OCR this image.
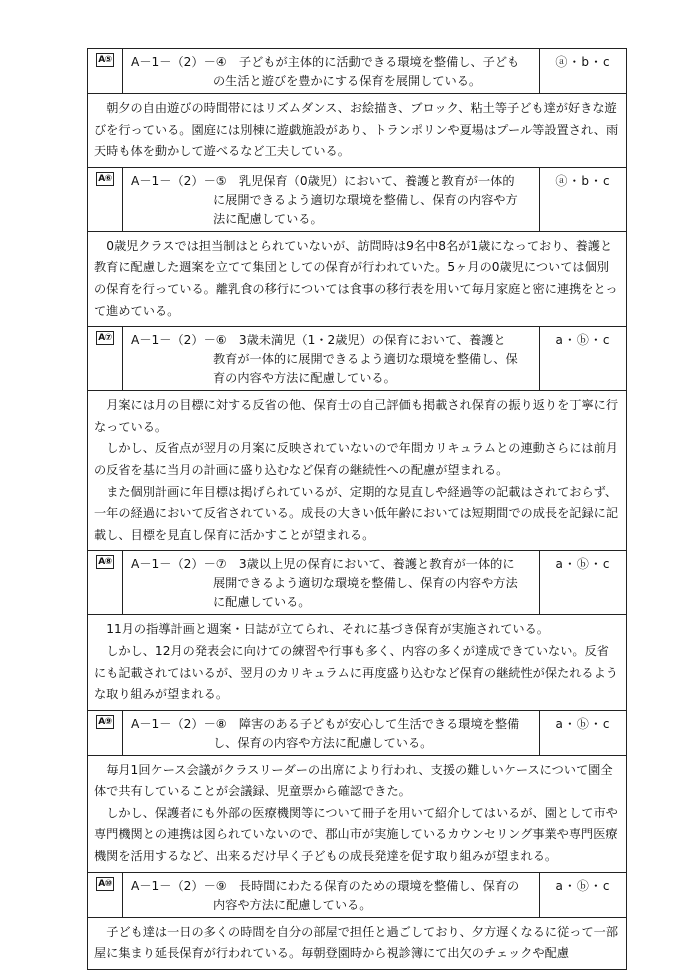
A⑤ A－1－（2）－④　子どもが主体的に活動できる環境を整備し、子ども
の生活と遊びを豊かにする保育を展開している。
ⓐ・b・c

朝夕の自由遊びの時間帯にはリズムダンス、お絵描き、ブロック、粘土等子ども達が好きな遊びを行っている。園庭には別棟に遊戯施設があり、トランポリンや夏場はプール等設置され、雨天時も体を動かして遊べるなど工夫している。

A⑥ A－1－（2）－⑤　乳児保育（0歳児）において、養護と教育が一体的
に展開できるよう適切な環境を整備し、保育の内容や方
法に配慮している。
ⓐ・b・c

0歳児クラスでは担当制はとられていないが、訪問時は9名中8名が1歳になっており、養護と教育に配慮した週案を立てて集団としての保育が行われていた。5ヶ月の0歳児については個別の保育を行っている。離乳食の移行については食事の移行表を用いて毎月家庭と密に連携をとって進めている。

A⑦ A－1－（2）－⑥　3歳未満児（1・2歳児）の保育において、養護と
教育が一体的に展開できるよう適切な環境を整備し、保
育の内容や方法に配慮している。
a・ⓑ・c

月案には月の目標に対する反省の他、保育士の自己評価も掲載され保育の振り返りを丁寧に行なっている。

しかし、反省点が翌月の月案に反映されていないので年間カリキュラムとの連動さらには前月の反省を基に当月の計画に盛り込むなど保育の継続性への配慮が望まれる。

また個別計画に年目標は掲げられているが、定期的な見直しや経過等の記載はされておらず、一年の経過において反省されている。成長の大きい低年齢においては短期間での成長を記録に記載し、目標を見直し保育に活かすことが望まれる。

A⑧ A－1－（2）－⑦　3歳以上児の保育において、養護と教育が一体的に
展開できるよう適切な環境を整備し、保育の内容や方法
に配慮している。
a・ⓑ・c

11月の指導計画と週案・日誌が立てられ、それに基づき保育が実施されている。

しかし、12月の発表会に向けての練習や行事も多く、内容の多くが達成できていない。反省にも記載されてはいるが、翌月のカリキュラムに再度盛り込むなど保育の継続性が保たれるような取り組みが望まれる。

A⑨ A－1－（2）－⑧　障害のある子どもが安心して生活できる環境を整備
し、保育の内容や方法に配慮している。
a・ⓑ・c

毎月1回ケース会議がクラスリーダーの出席により行われ、支援の難しいケースについて園全体で共有していることが会議録、児童票から確認できた。

しかし、保護者にも外部の医療機関等について冊子を用いて紹介してはいるが、園として市や専門機関との連携は図られていないので、郡山市が実施しているカウンセリング事業や専門医療機関を活用するなど、出来るだけ早く子どもの成長発達を促す取り組みが望まれる。

A⑩ A－1－（2）－⑨　長時間にわたる保育のための環境を整備し、保育の
内容や方法に配慮している。
a・ⓑ・c

子ども達は一日の多くの時間を自分の部屋で担任と過ごしており、夕方遅くなるに従って一部屋に集まり延長保育が行われている。毎朝登園時から視診簿にて出欠のチェックや配慮
